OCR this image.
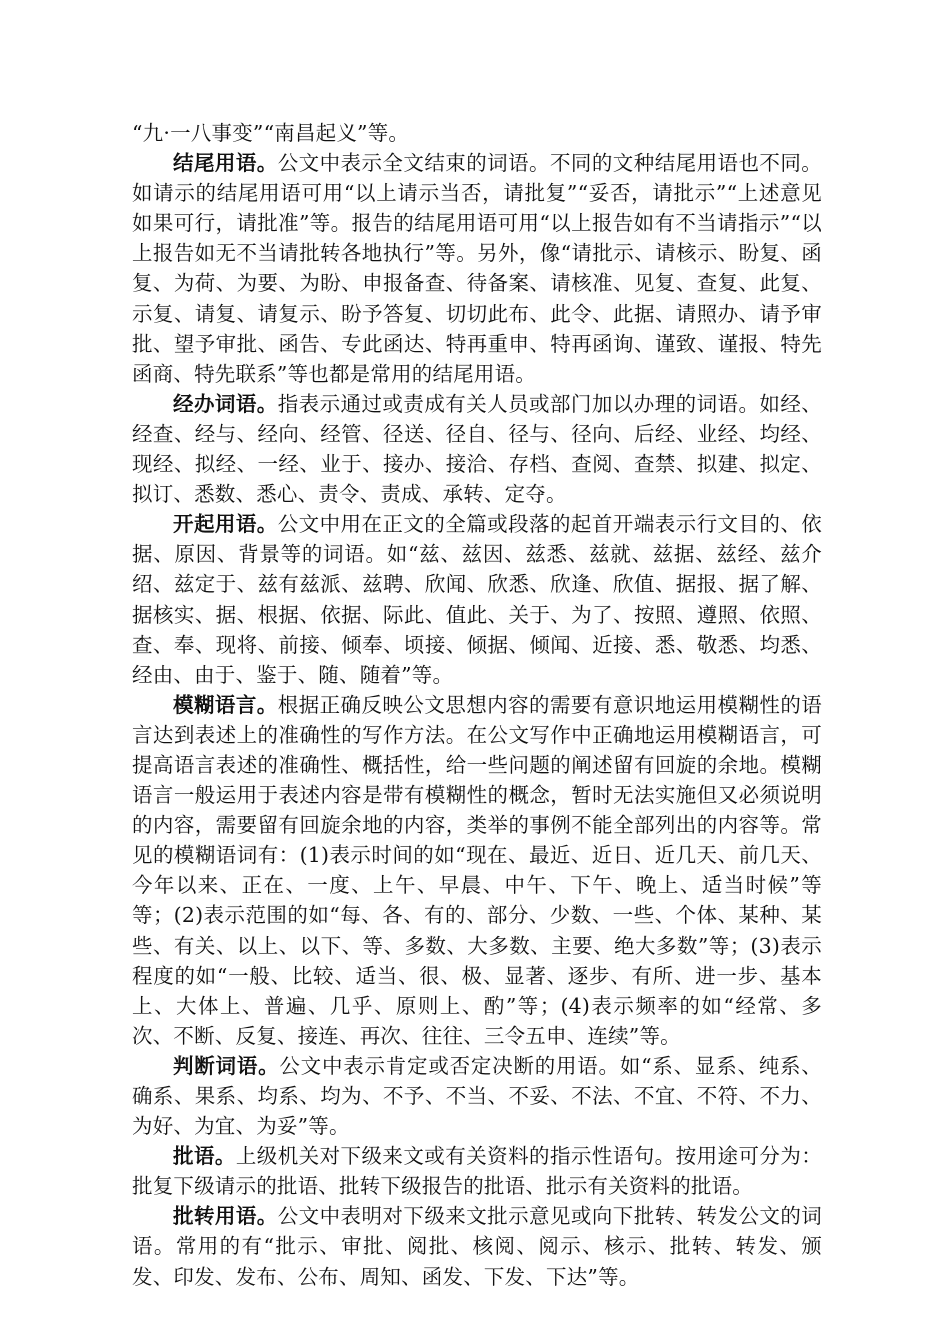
“九·一八事变”“南昌起义”等。

结尾用语。公文中表示全文结束的词语。不同的文种结尾用语也不同。如请示的结尾用语可用“以上请示当否，请批复”“妥否，请批示”“上述意见如果可行，请批准”等。报告的结尾用语可用“以上报告如有不当请指示”“以上报告如无不当请批转各地执行”等。另外，像“请批示、请核示、盼复、函复、为荷、为要、为盼、申报备查、待备案、请核准、见复、查复、此复、示复、请复、请复示、盼予答复、切切此布、此令、此据、请照办、请予审批、望予审批、函告、专此函达、特再重申、特再函询、谨致、谨报、特先函商、特先联系”等也都是常用的结尾用语。

经办词语。指表示通过或责成有关人员或部门加以办理的词语。如经、经查、经与、经向、经管、径送、径自、径与、径向、后经、业经、均经、现经、拟经、一经、业于、接办、接洽、存档、查阅、查禁、拟建、拟定、拟订、悉数、悉心、责令、责成、承转、定夺。

开起用语。公文中用在正文的全篇或段落的起首开端表示行文目的、依据、原因、背景等的词语。如“兹、兹因、兹悉、兹就、兹据、兹经、兹介绍、兹定于、兹有兹派、兹聘、欣闻、欣悉、欣逢、欣值、据报、据了解、据核实、据、根据、依据、际此、值此、关于、为了、按照、遵照、依照、查、奉、现将、前接、倾奉、顷接、倾据、倾闻、近接、悉、敬悉、均悉、经由、由于、鉴于、随、随着”等。

模糊语言。根据正确反映公文思想内容的需要有意识地运用模糊性的语言达到表述上的准确性的写作方法。在公文写作中正确地运用模糊语言，可提高语言表述的准确性、概括性，给一些问题的阐述留有回旋的余地。模糊语言一般运用于表述内容是带有模糊性的概念，暂时无法实施但又必须说明的内容，需要留有回旋余地的内容，类举的事例不能全部列出的内容等。常见的模糊语词有：(1)表示时间的如“现在、最近、近日、近几天、前几天、今年以来、正在、一度、上午、早晨、中午、下午、晚上、适当时候”等等；(2)表示范围的如“每、各、有的、部分、少数、一些、个体、某种、某些、有关、以上、以下、等、多数、大多数、主要、绝大多数”等；(3)表示程度的如“一般、比较、适当、很、极、显著、逐步、有所、进一步、基本上、大体上、普遍、几乎、原则上、酌”等；(4)表示频率的如“经常、多次、不断、反复、接连、再次、往往、三令五申、连续”等。

判断词语。公文中表示肯定或否定决断的用语。如“系、显系、纯系、确系、果系、均系、均为、不予、不当、不妥、不法、不宜、不符、不力、为好、为宜、为妥”等。

批语。上级机关对下级来文或有关资料的指示性语句。按用途可分为：批复下级请示的批语、批转下级报告的批语、批示有关资料的批语。

批转用语。公文中表明对下级来文批示意见或向下批转、转发公文的词语。常用的有“批示、审批、阅批、核阅、阅示、核示、批转、转发、颁发、印发、发布、公布、周知、函发、下发、下达”等。
